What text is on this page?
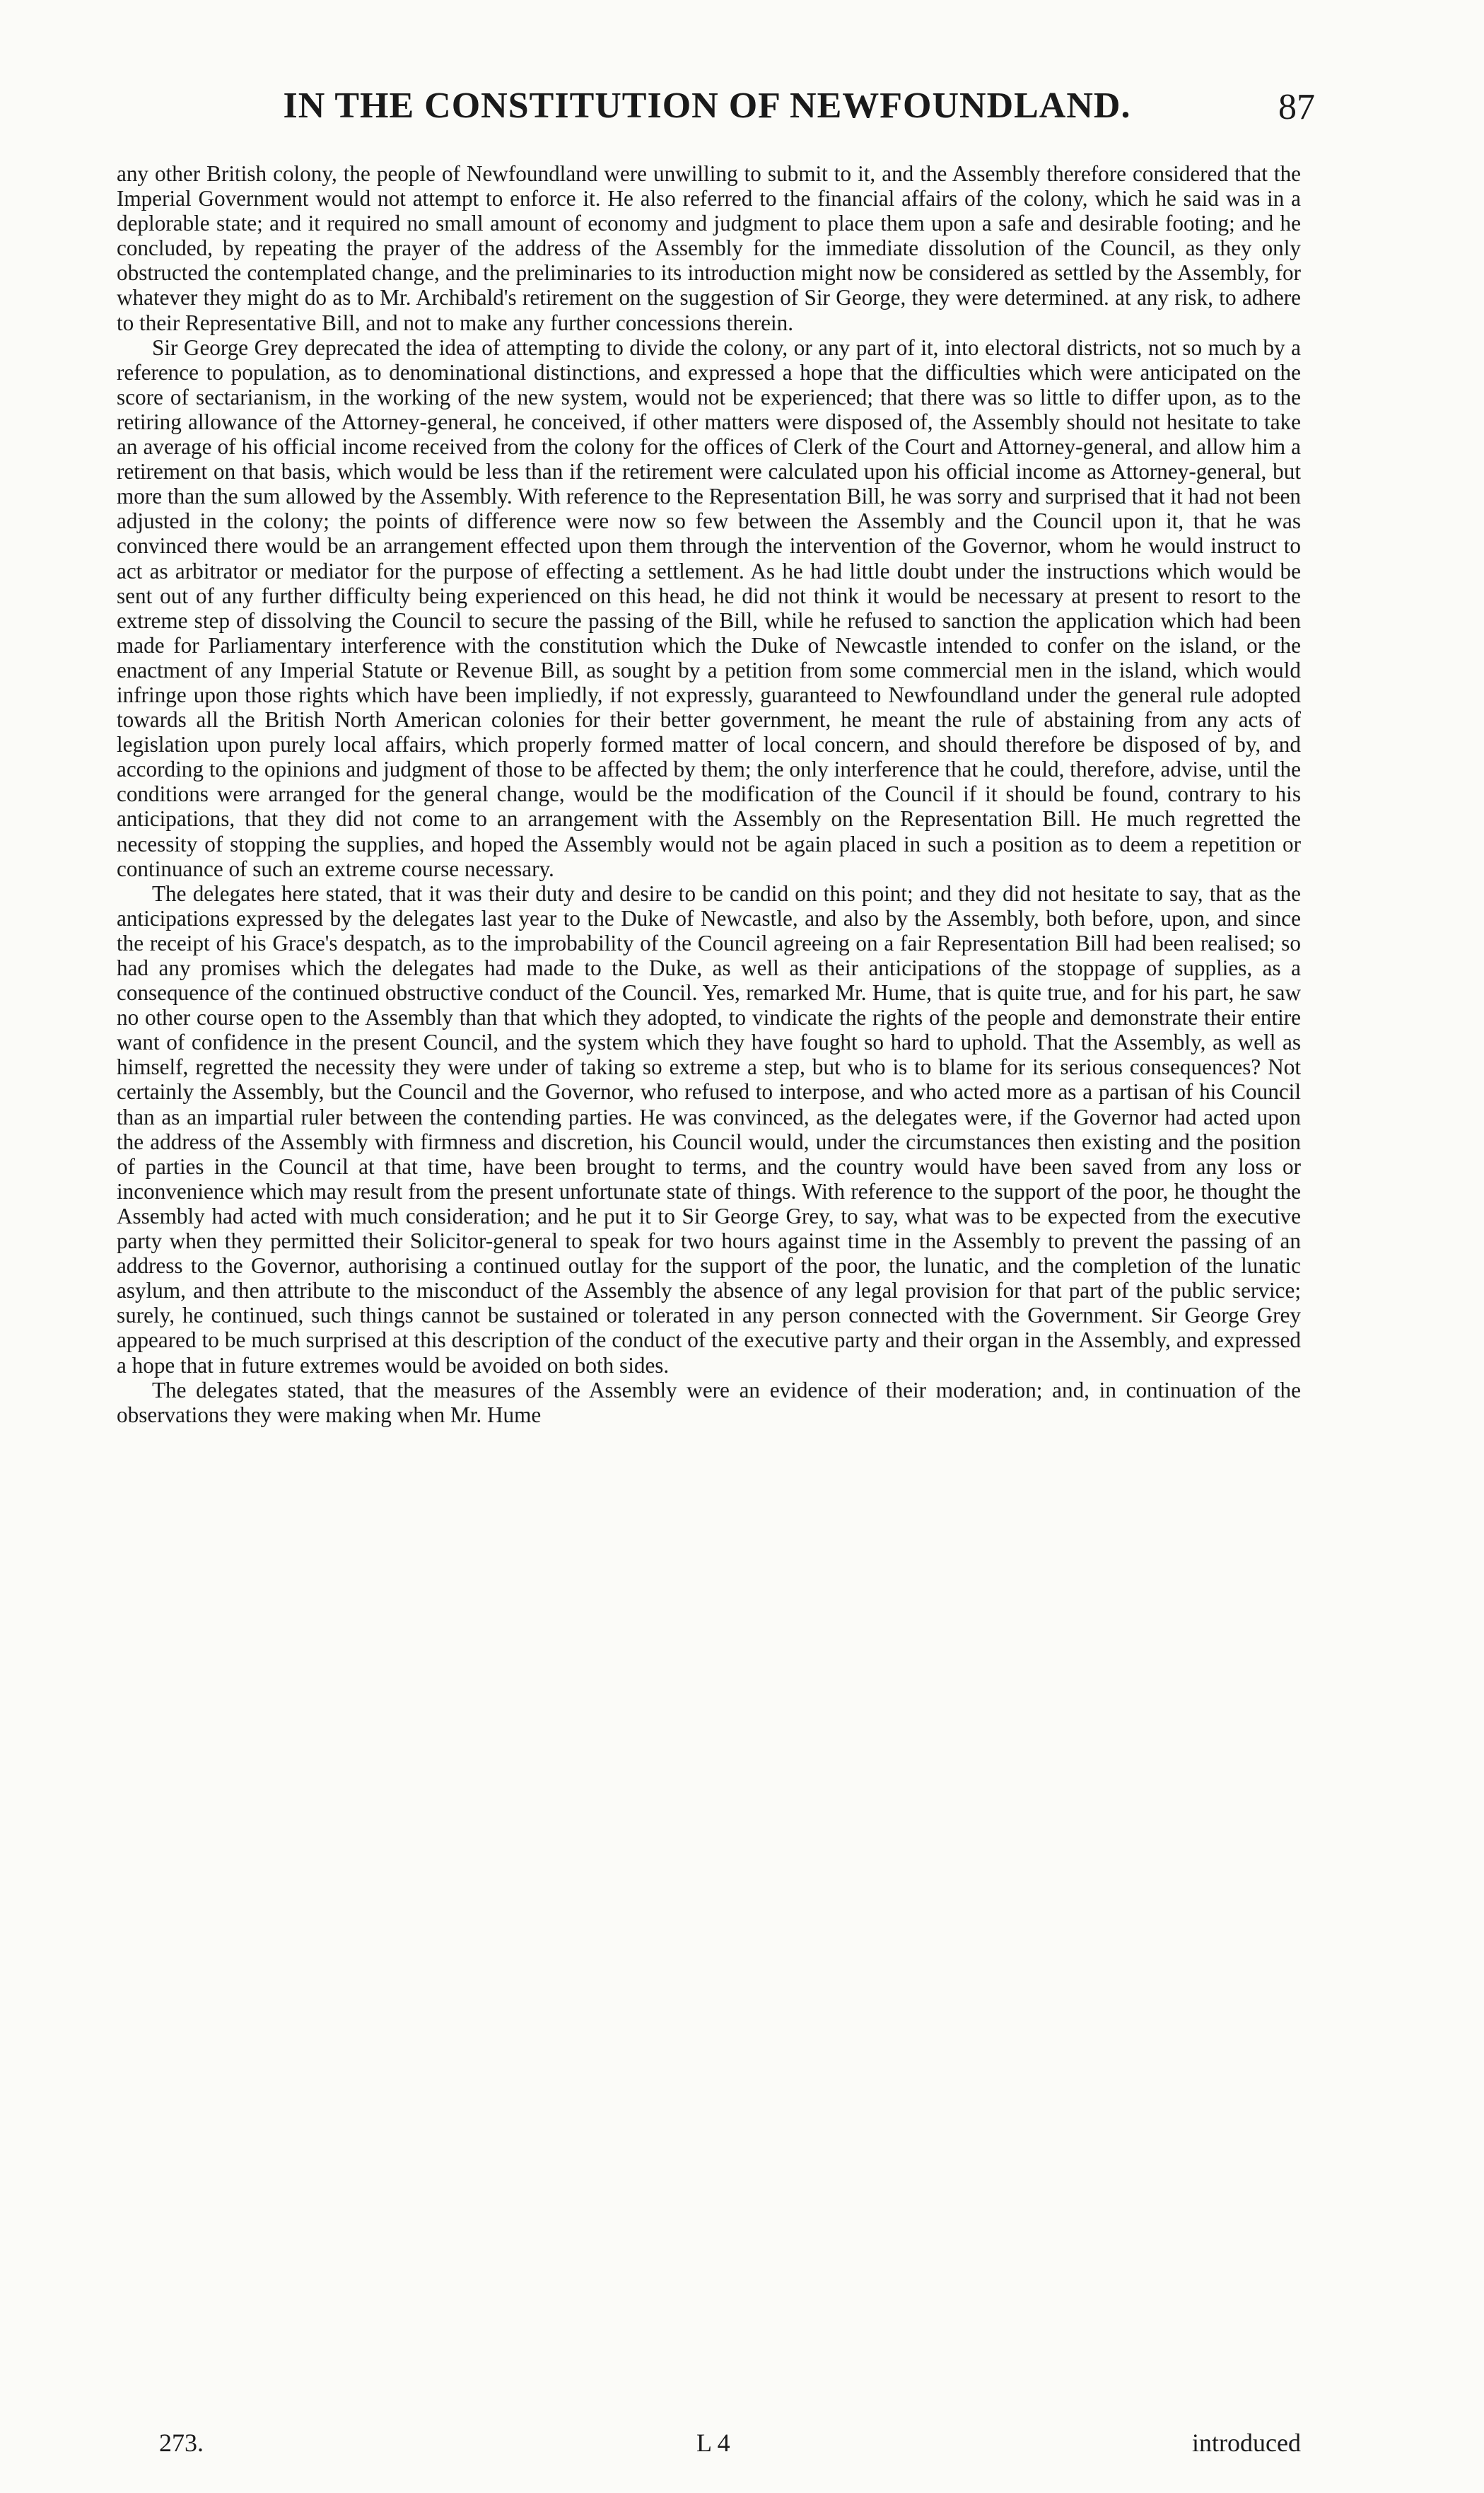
IN THE CONSTITUTION OF NEWFOUNDLAND.	87

any other British colony, the people of Newfoundland were unwilling to submit to it, and the Assembly therefore considered that the Imperial Government would not attempt to enforce it. He also referred to the financial affairs of the colony, which he said was in a deplorable state; and it required no small amount of economy and judgment to place them upon a safe and desirable footing; and he concluded, by repeating the prayer of the address of the Assembly for the immediate dissolution of the Council, as they only obstructed the contemplated change, and the preliminaries to its introduction might now be considered as settled by the Assembly, for whatever they might do as to Mr. Archibald's retirement on the suggestion of Sir George, they were determined. at any risk, to adhere to their Representative Bill, and not to make any further concessions therein.

Sir George Grey deprecated the idea of attempting to divide the colony, or any part of it, into electoral districts, not so much by a reference to population, as to denominational distinctions, and expressed a hope that the difficulties which were anticipated on the score of sectarianism, in the working of the new system, would not be experienced; that there was so little to differ upon, as to the retiring allowance of the Attorney-general, he conceived, if other matters were disposed of, the Assembly should not hesitate to take an average of his official income received from the colony for the offices of Clerk of the Court and Attorney-general, and allow him a retirement on that basis, which would be less than if the retirement were calculated upon his official income as Attorney-general, but more than the sum allowed by the Assembly. With reference to the Representation Bill, he was sorry and surprised that it had not been adjusted in the colony; the points of difference were now so few between the Assembly and the Council upon it, that he was convinced there would be an arrangement effected upon them through the intervention of the Governor, whom he would instruct to act as arbitrator or mediator for the purpose of effecting a settlement. As he had little doubt under the instructions which would be sent out of any further difficulty being experienced on this head, he did not think it would be necessary at present to resort to the extreme step of dissolving the Council to secure the passing of the Bill, while he refused to sanction the application which had been made for Parliamentary interference with the constitution which the Duke of Newcastle intended to confer on the island, or the enactment of any Imperial Statute or Revenue Bill, as sought by a petition from some commercial men in the island, which would infringe upon those rights which have been impliedly, if not expressly, guaranteed to Newfoundland under the general rule adopted towards all the British North American colonies for their better government, he meant the rule of abstaining from any acts of legislation upon purely local affairs, which properly formed matter of local concern, and should therefore be disposed of by, and according to the opinions and judgment of those to be affected by them; the only interference that he could, therefore, advise, until the conditions were arranged for the general change, would be the modification of the Council if it should be found, contrary to his anticipations, that they did not come to an arrangement with the Assembly on the Representation Bill. He much regretted the necessity of stopping the supplies, and hoped the Assembly would not be again placed in such a position as to deem a repetition or continuance of such an extreme course necessary.

The delegates here stated, that it was their duty and desire to be candid on this point; and they did not hesitate to say, that as the anticipations expressed by the delegates last year to the Duke of Newcastle, and also by the Assembly, both before, upon, and since the receipt of his Grace's despatch, as to the improbability of the Council agreeing on a fair Representation Bill had been realised; so had any promises which the delegates had made to the Duke, as well as their anticipations of the stoppage of supplies, as a consequence of the continued obstructive conduct of the Council. Yes, remarked Mr. Hume, that is quite true, and for his part, he saw no other course open to the Assembly than that which they adopted, to vindicate the rights of the people and demonstrate their entire want of confidence in the present Council, and the system which they have fought so hard to uphold. That the Assembly, as well as himself, regretted the necessity they were under of taking so extreme a step, but who is to blame for its serious consequences? Not certainly the Assembly, but the Council and the Governor, who refused to interpose, and who acted more as a partisan of his Council than as an impartial ruler between the contending parties. He was convinced, as the delegates were, if the Governor had acted upon the address of the Assembly with firmness and discretion, his Council would, under the circumstances then existing and the position of parties in the Council at that time, have been brought to terms, and the country would have been saved from any loss or inconvenience which may result from the present unfortunate state of things. With reference to the support of the poor, he thought the Assembly had acted with much consideration; and he put it to Sir George Grey, to say, what was to be expected from the executive party when they permitted their Solicitor-general to speak for two hours against time in the Assembly to prevent the passing of an address to the Governor, authorising a continued outlay for the support of the poor, the lunatic, and the completion of the lunatic asylum, and then attribute to the misconduct of the Assembly the absence of any legal provision for that part of the public service; surely, he continued, such things cannot be sustained or tolerated in any person connected with the Government. Sir George Grey appeared to be much surprised at this description of the conduct of the executive party and their organ in the Assembly, and expressed a hope that in future extremes would be avoided on both sides.

The delegates stated, that the measures of the Assembly were an evidence of their moderation; and, in continuation of the observations they were making when Mr. Hume

273.	L 4	introduced
